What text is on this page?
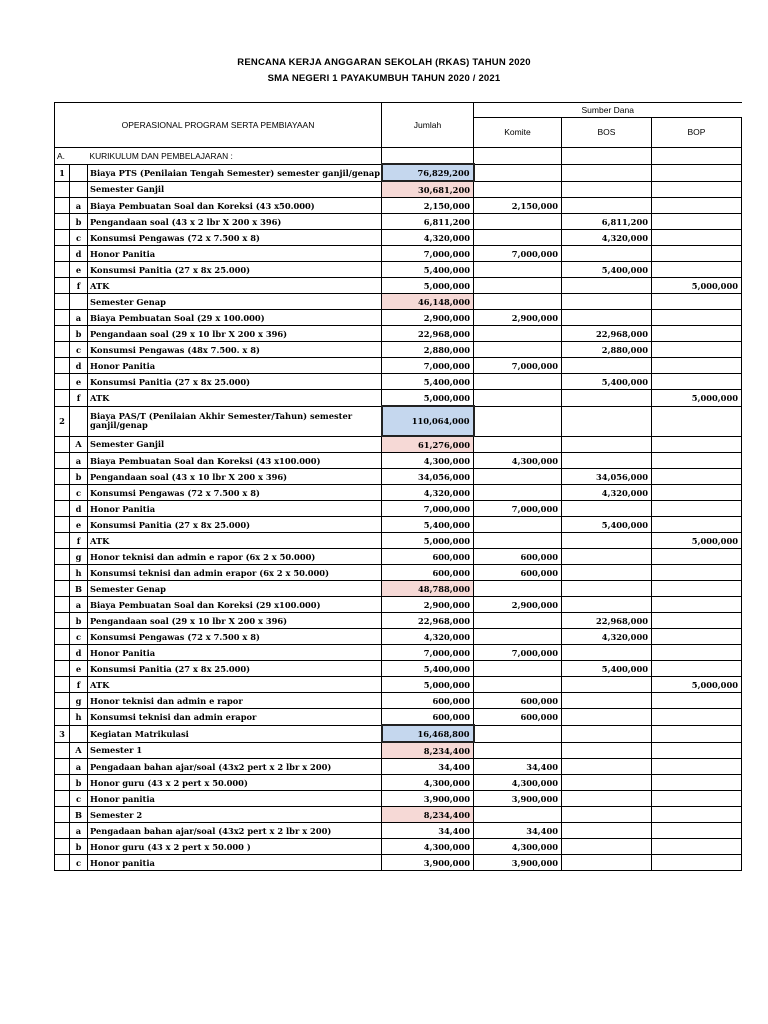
RENCANA KERJA ANGGARAN SEKOLAH (RKAS) TAHUN 2020
SMA NEGERI 1 PAYAKUMBUH TAHUN 2020 / 2021
OPERASIONAL PROGRAM SERTA PEMBIAYAAN			Jumlah	Sumber Dana		
				Komite	BOS	BOP
A.		KURIKULUM DAN PEMBELAJARAN :				
1		Biaya PTS (Penilaian Tengah Semester) semester ganjil/genap	76,829,200			
		Semester Ganjil	30,681,200			
	a	Biaya Pembuatan Soal dan Koreksi (43 x50.000)	2,150,000	2,150,000		
	b	Pengandaan soal (43 x 2 lbr X 200 x 396)	6,811,200		6,811,200	
	c	Konsumsi Pengawas (72 x 7.500 x 8)	4,320,000		4,320,000	
	d	Honor Panitia	7,000,000	7,000,000		
	e	Konsumsi Panitia (27 x 8x 25.000)	5,400,000		5,400,000	
	f	ATK	5,000,000			5,000,000
		Semester Genap	46,148,000			
	a	Biaya Pembuatan Soal (29 x 100.000)	2,900,000	2,900,000		
	b	Pengandaan soal (29 x 10 lbr X 200 x 396)	22,968,000		22,968,000	
	c	Konsumsi Pengawas (48x 7.500. x 8)	2,880,000		2,880,000	
	d	Honor Panitia	7,000,000	7,000,000		
	e	Konsumsi Panitia (27 x 8x 25.000)	5,400,000		5,400,000	
	f	ATK	5,000,000			5,000,000
2		Biaya PAS/T (Penilaian Akhir Semester/Tahun) semester ganjil/genap	110,064,000			
	A	Semester Ganjil	61,276,000			
	a	Biaya Pembuatan Soal dan Koreksi (43 x100.000)	4,300,000	4,300,000		
	b	Pengandaan soal (43 x 10 lbr X 200 x 396)	34,056,000		34,056,000	
	c	Konsumsi Pengawas (72 x 7.500 x 8)	4,320,000		4,320,000	
	d	Honor Panitia	7,000,000	7,000,000		
	e	Konsumsi Panitia (27 x 8x 25.000)	5,400,000		5,400,000	
	f	ATK	5,000,000			5,000,000
	g	Honor teknisi dan admin e rapor (6x 2 x 50.000)	600,000	600,000		
	h	Konsumsi teknisi dan admin erapor (6x 2 x 50.000)	600,000	600,000		
	B	Semester Genap	48,788,000			
	a	Biaya Pembuatan Soal dan Koreksi (29 x100.000)	2,900,000	2,900,000		
	b	Pengandaan soal (29 x 10 lbr X 200 x 396)	22,968,000		22,968,000	
	c	Konsumsi Pengawas (72 x 7.500 x 8)	4,320,000		4,320,000	
	d	Honor Panitia	7,000,000	7,000,000		
	e	Konsumsi Panitia (27 x 8x 25.000)	5,400,000		5,400,000	
	f	ATK	5,000,000			5,000,000
	g	Honor teknisi dan admin e rapor	600,000	600,000		
	h	Konsumsi teknisi dan admin erapor	600,000	600,000		
3		Kegiatan Matrikulasi	16,468,800			
	A	Semester 1	8,234,400			
	a	Pengadaan bahan ajar/soal (43x2 pert x 2 lbr x 200)	34,400	34,400		
	b	Honor guru (43 x 2 pert x 50.000)	4,300,000	4,300,000		
	c	Honor panitia	3,900,000	3,900,000		
	B	Semester 2	8,234,400			
	a	Pengadaan bahan ajar/soal (43x2 pert x 2 lbr x 200)	34,400	34,400		
	b	Honor guru (43 x 2 pert x 50.000 )	4,300,000	4,300,000		
	c	Honor panitia	3,900,000	3,900,000		
